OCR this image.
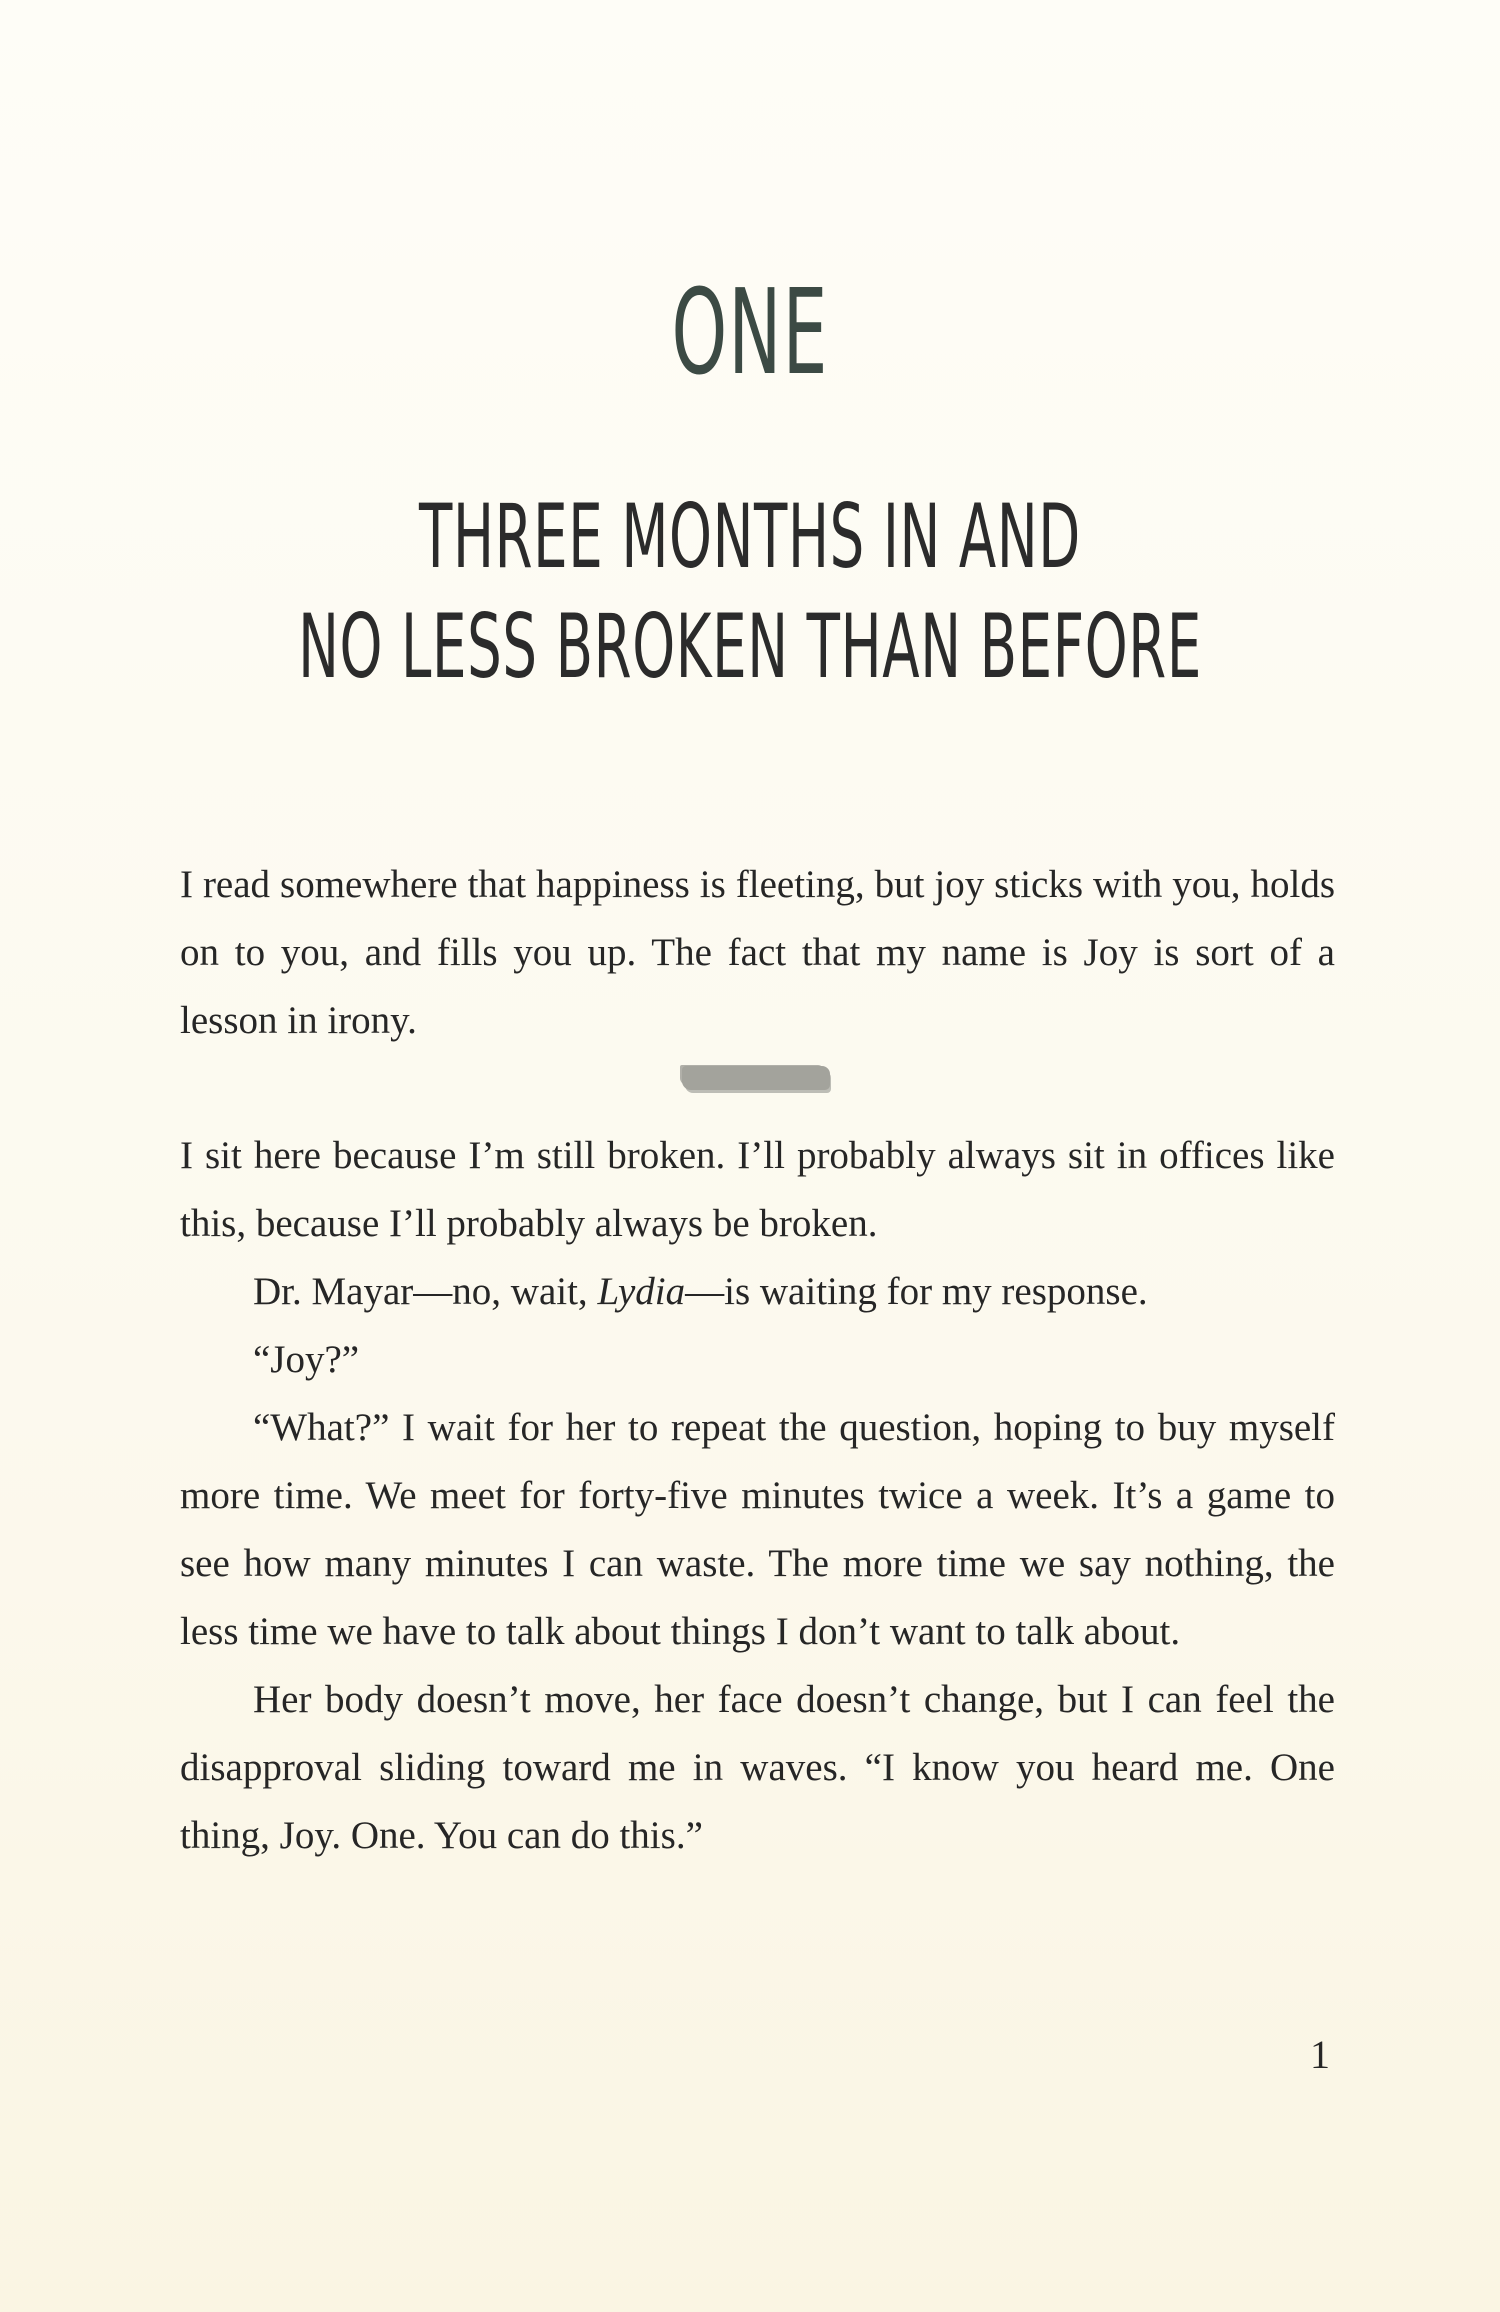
ONE
THREE MONTHS IN AND
NO LESS BROKEN THAN BEFORE

I read somewhere that happiness is fleeting, but joy sticks with you, holds on to you, and fills you up. The fact that my name is Joy is sort of a lesson in irony.

I sit here because I’m still broken. I’ll probably always sit in offices like this, because I’ll probably always be broken.

Dr. Mayar—no, wait, Lydia—is waiting for my response.

“Joy?”

“What?” I wait for her to repeat the question, hoping to buy myself more time. We meet for forty-five minutes twice a week. It’s a game to see how many minutes I can waste. The more time we say nothing, the less time we have to talk about things I don’t want to talk about.

Her body doesn’t move, her face doesn’t change, but I can feel the disapproval sliding toward me in waves. “I know you heard me. One thing, Joy. One. You can do this.”

1
